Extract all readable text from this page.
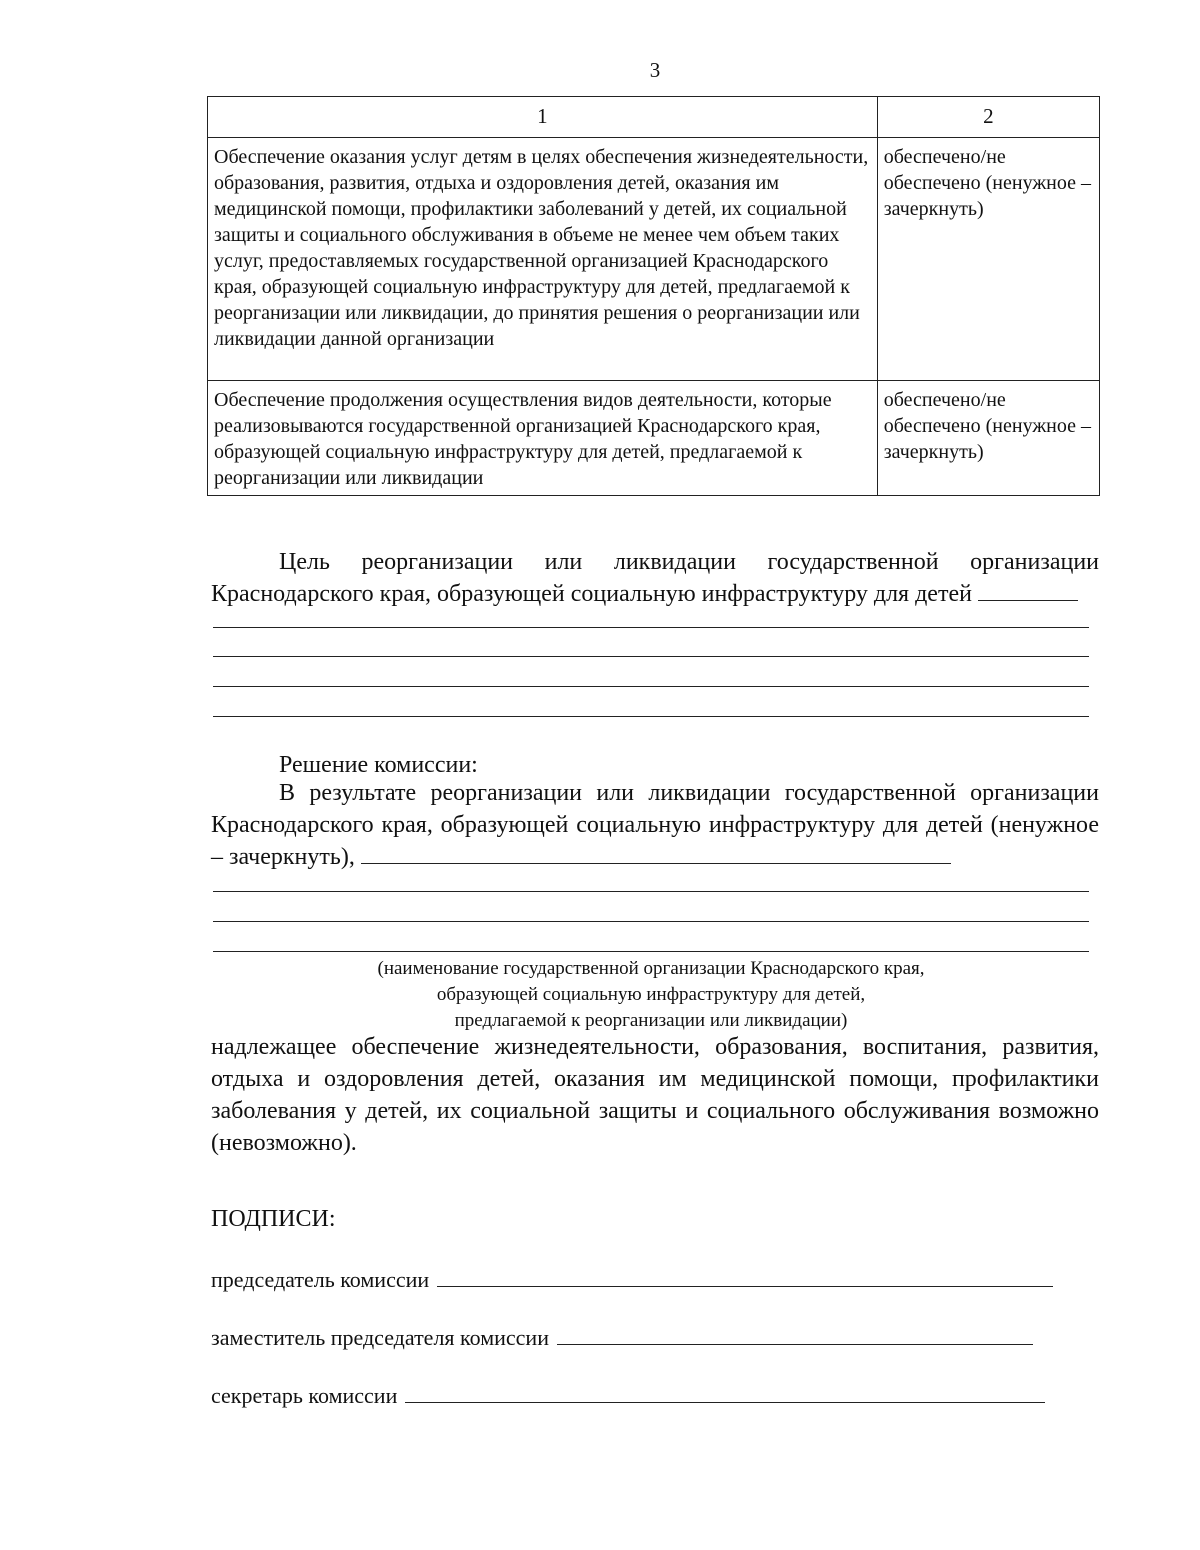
3
1	2
Обеспечение оказания услуг детям в целях обеспечения жизнедеятельности, образования, развития, отдыха и оздоровления детей, оказания им медицинской помощи, профилактики заболеваний у детей, их социальной защиты и социального обслуживания в объеме не менее чем объем таких услуг, предоставляемых государственной организацией Краснодарского края, образующей социальную инфраструктуру для детей, предлагаемой к реорганизации или ликвидации, до принятия решения о реорганизации или ликвидации данной организации	обеспечено/не обеспечено (ненужное – зачеркнуть)
Обеспечение продолжения осуществления видов деятельности, которые реализовываются государственной организацией Краснодарского края, образующей социальную инфраструктуру для детей, предлагаемой к реорганизации или ликвидации	обеспечено/не обеспечено (ненужное – зачеркнуть)
Цель реорганизации или ликвидации государственной организации Краснодарского края, образующей социальную инфраструктуру для детей
Решение комиссии:
В результате реорганизации или ликвидации государственной организации Краснодарского края, образующей социальную инфраструктуру для детей (ненужное – зачеркнуть),
(наименование государственной организации Краснодарского края,
образующей социальную инфраструктуру для детей,
предлагаемой к реорганизации или ликвидации)
надлежащее обеспечение жизнедеятельности, образования, воспитания, развития, отдыха и оздоровления детей, оказания им медицинской помощи, профилактики заболевания у детей, их социальной защиты и социального обслуживания возможно (невозможно).
ПОДПИСИ:
председатель комиссии
заместитель председателя комиссии
секретарь комиссии
